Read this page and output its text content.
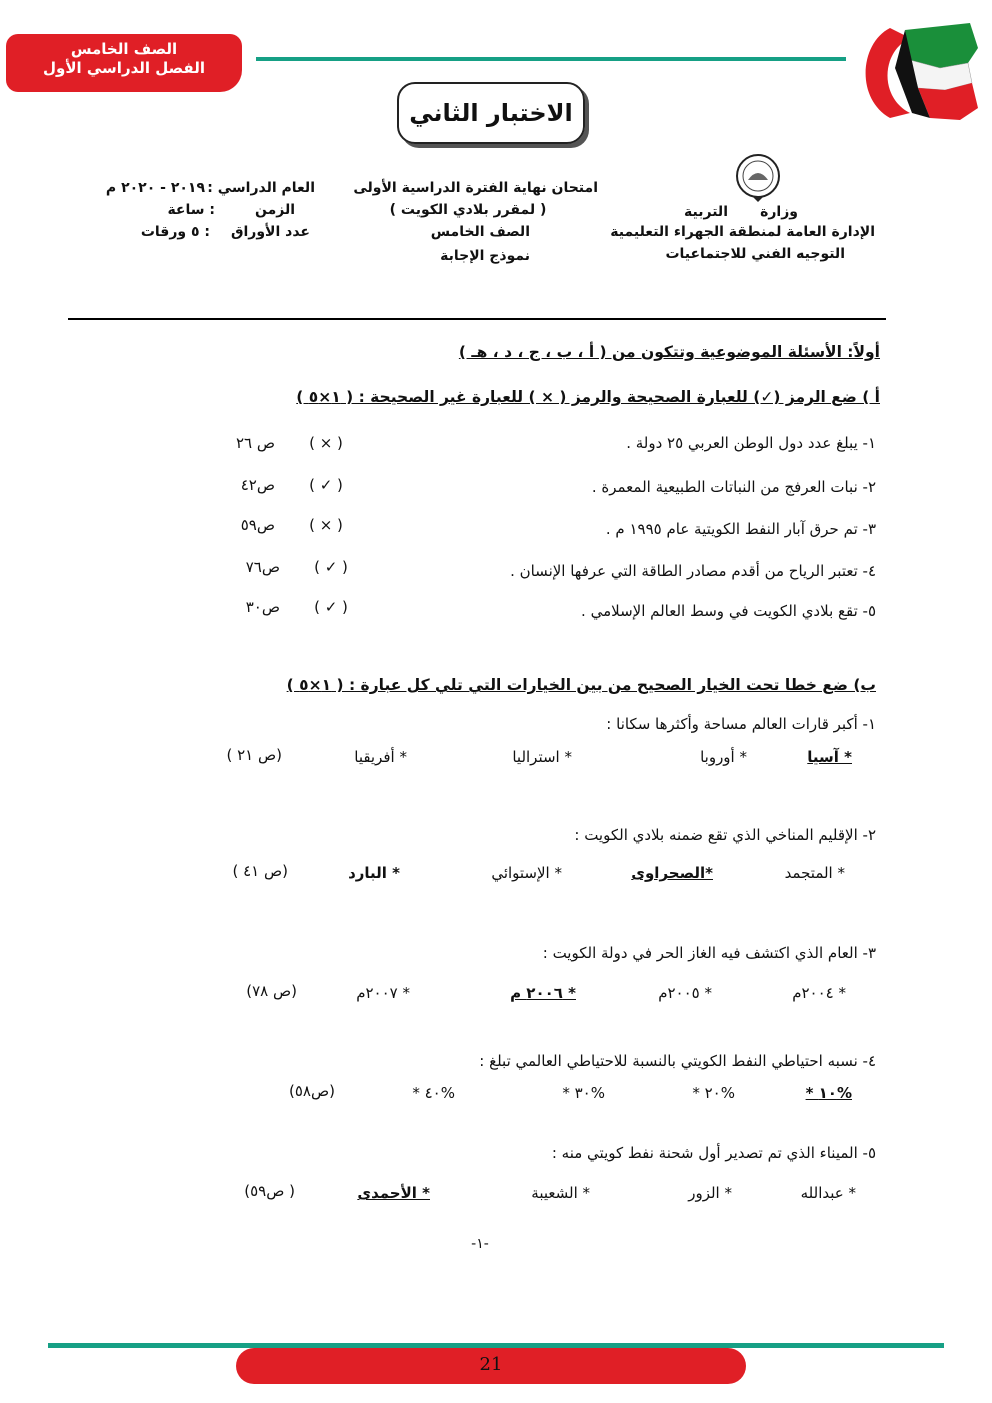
الصف الخامس
الفصل الدراسي الأول
الاختبار الثاني
وزارة
التربية
الإدارة العامة لمنطقة الجهراء التعليمية
التوجيه الفني للاجتماعيات
امتحان نهاية الفترة الدراسية الأولى
( لمقرر بلادي الكويت )
الصف الخامس
نموذج الإجابة
العام الدراسي :
٢٠١٩ - ٢٠٢٠ م
الزمن
: ساعة
عدد الأوراق
: ٥ ورقات
أولاً: الأسئلة الموضوعية وتتكون من ( أ ، ب ، ج ، د ، هـ )
أ ) ضع الرمز (✓) للعبارة الصحيحة والرمز ( × ) للعبارة غير الصحيحة : ( ١×٥ )
١- يبلغ عدد دول الوطن العربي ٢٥ دولة .
( × )
ص ٢٦
٢- نبات العرفج من النباتات الطبيعية المعمرة .
( ✓ )
ص٤٢
٣- تم حرق آبار النفط الكويتية عام ١٩٩٥ م .
( × )
ص٥٩
٤- تعتبر الرياح من أقدم مصادر الطاقة التي عرفها الإنسان .
( ✓ )
ص٧٦
٥- تقع بلادي الكويت في وسط العالم الإسلامي .
( ✓ )
ص٣٠
ب) ضع خطا تحت الخيار الصحيح من بين الخيارات التي تلي كل عبارة : ( ١×٥ )
١- أكبر قارات العالم مساحة وأكثرها سكانا :
* آسيا
* أوروبا
* استراليا
* أفريقيا
(ص ٢١ )
٢- الإقليم المناخي الذي تقع ضمنه بلادي الكويت :
* المتجمد
*الصحراوى
* الإستوائي
* البارد
(ص ٤١ )
٣- العام الذي اكتشف فيه الغاز الحر في دولة الكويت :
* ٢٠٠٤م
* ٢٠٠٥م
* ٢٠٠٦ م
* ٢٠٠٧م
(ص ٧٨)
٤- نسبه احتياطي النفط الكويتي بالنسبة للاحتياطي العالمي تبلغ :
* ١٠%
* ٢٠%
* ٣٠%
* ٤٠%
(ص٥٨)
٥- الميناء الذي تم تصدير أول شحنة نفط كويتي منه :
* عبدالله
* الزور
* الشعيبة
* الأحمدى
( ص٥٩)
-١-
21
